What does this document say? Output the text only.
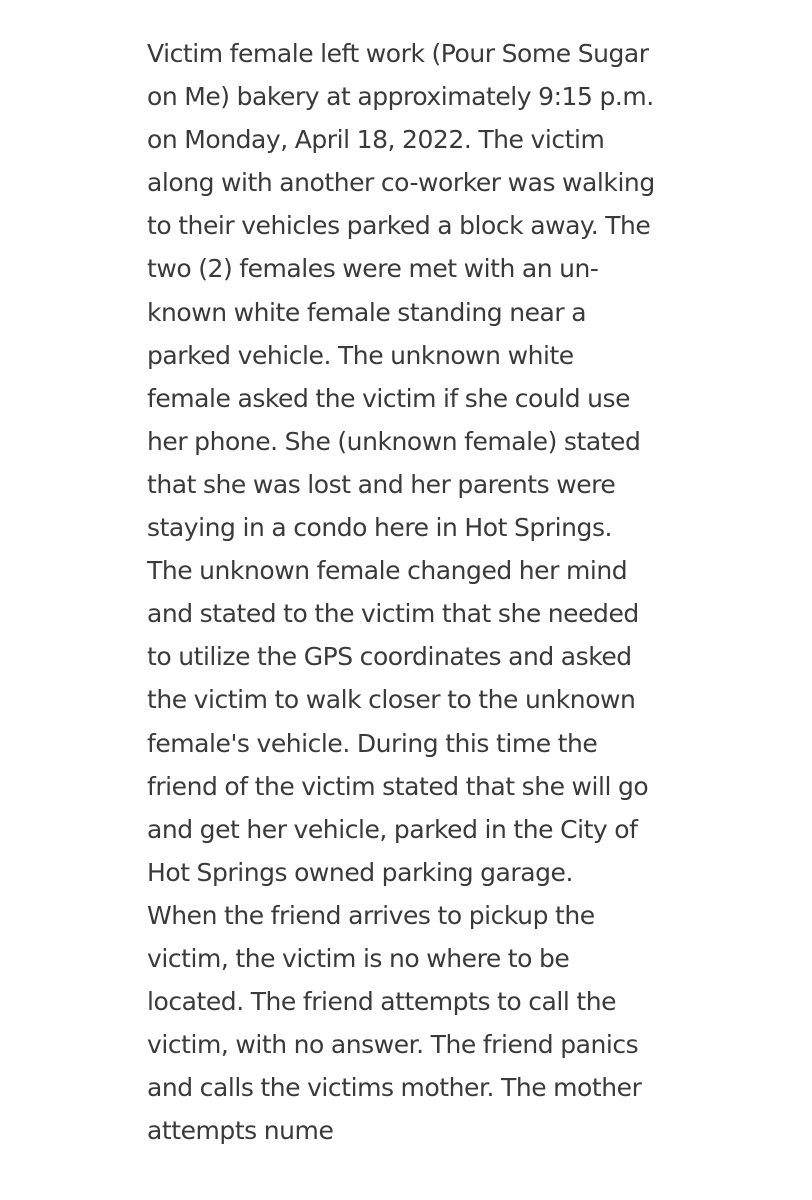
Victim female left work (Pour Some Sugar
on Me) bakery at approximately 9:15 p.m.
on Monday, April 18, 2022. The victim
along with another co-worker was walking
to their vehicles parked a block away. The
two (2) females were met with an un-
known white female standing near a
parked vehicle. The unknown white
female asked the victim if she could use
her phone. She (unknown female) stated
that she was lost and her parents were
staying in a condo here in Hot Springs.
The unknown female changed her mind
and stated to the victim that she needed
to utilize the GPS coordinates and asked
the victim to walk closer to the unknown
female's vehicle. During this time the
friend of the victim stated that she will go
and get her vehicle, parked in the City of
Hot Springs owned parking garage.
When the friend arrives to pickup the
victim, the victim is no where to be
located. The friend attempts to call the
victim, with no answer. The friend panics
and calls the victims mother. The mother
attempts nume
